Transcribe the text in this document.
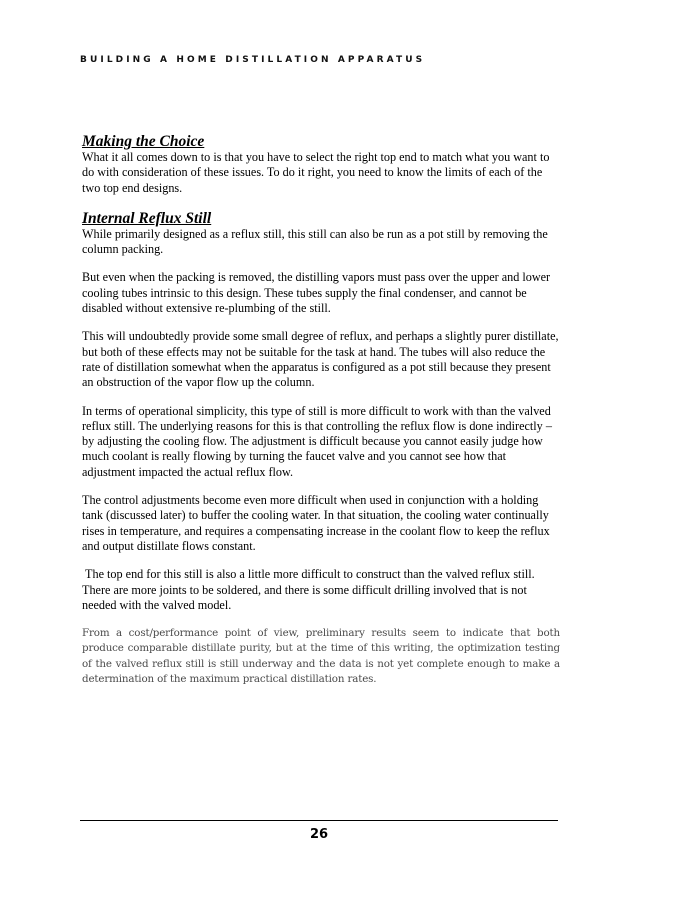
BUILDING A HOME DISTILLATION APPARATUS
Making the Choice

What it all comes down to is that you have to select the right top end to match what you want to do with consideration of these issues. To do it right, you need to know the limits of each of the two top end designs.

Internal Reflux Still

While primarily designed as a reflux still, this still can also be run as a pot still by removing the column packing.

But even when the packing is removed, the distilling vapors must pass over the upper and lower cooling tubes intrinsic to this design. These tubes supply the final condenser, and cannot be disabled without extensive re-plumbing of the still.

This will undoubtedly provide some small degree of reflux, and perhaps a slightly purer distillate, but both of these effects may not be suitable for the task at hand. The tubes will also reduce the rate of distillation somewhat when the apparatus is configured as a pot still because they present an obstruction of the vapor flow up the column.

In terms of operational simplicity, this type of still is more difficult to work with than the valved reflux still. The underlying reasons for this is that controlling the reflux flow is done indirectly – by adjusting the cooling flow. The adjustment is difficult because you cannot easily judge how much coolant is really flowing by turning the faucet valve and you cannot see how that adjustment impacted the actual reflux flow.

The control adjustments become even more difficult when used in conjunction with a holding tank (discussed later) to buffer the cooling water. In that situation, the cooling water continually rises in temperature, and requires a compensating increase in the coolant flow to keep the reflux and output distillate flows constant.

The top end for this still is also a little more difficult to construct than the valved reflux still.  There are more joints to be soldered, and there is some difficult drilling involved that is not needed with the valved model.

From a cost/performance point of view, preliminary results seem to indicate that both produce comparable distillate purity, but at the time of this writing, the optimization testing of the valved reflux still is still underway and the data is not yet complete enough to make a determination of the maximum practical distillation rates.

26
